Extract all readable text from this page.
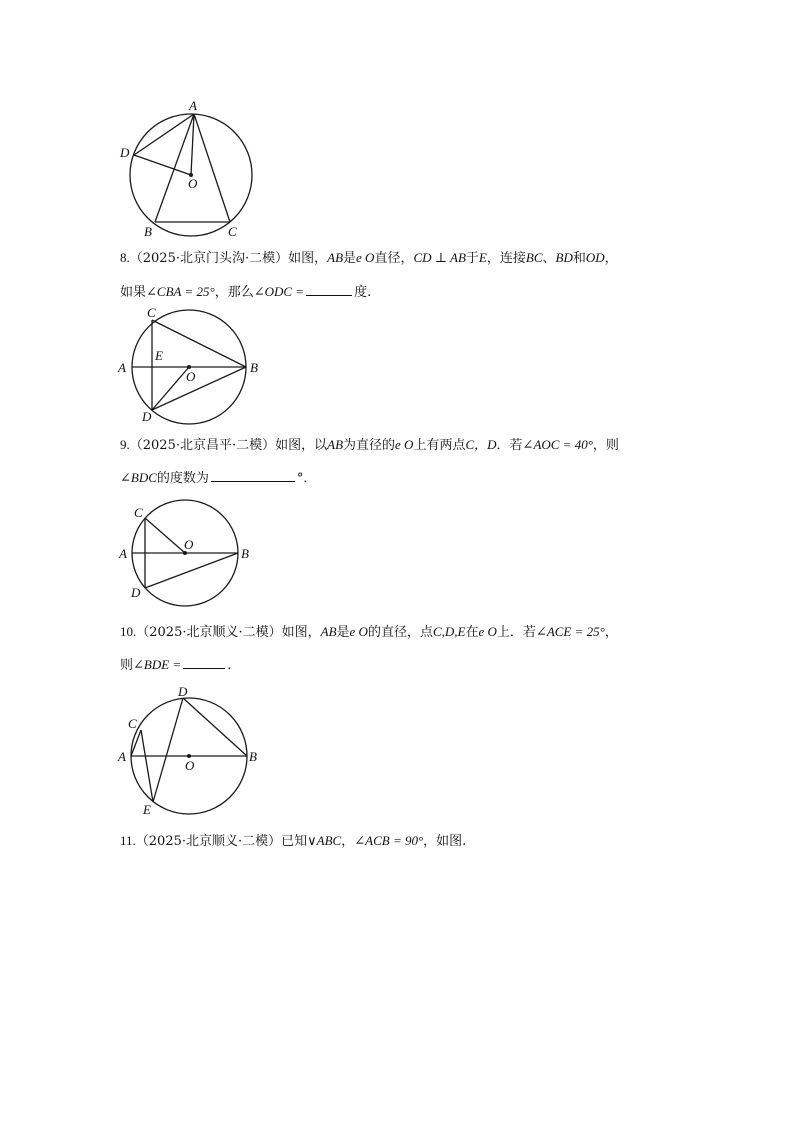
A
D
O
B	C
8.（2025·北京门头沟·二模）如图，AB是e O直径，CD ⊥ AB于E，连接BC、BD和OD，
如果∠CBA = 25°，那么∠ODC =	度.
C
E
A
O
B
D
9.（2025·北京昌平·二模）如图，以AB为直径的e O上有两点C，D．若∠AOC = 40°，则
∠BDC的度数为	°．
C
O
A	B
D
10.（2025·北京顺义·二模）如图，AB是e O的直径，点C,D,E在e O上．若∠ACE = 25°，
则∠BDE =	．
D
C
A
O
B
E
11.（2025·北京顺义·二模）已知∨ABC，∠ACB = 90°，如图.
